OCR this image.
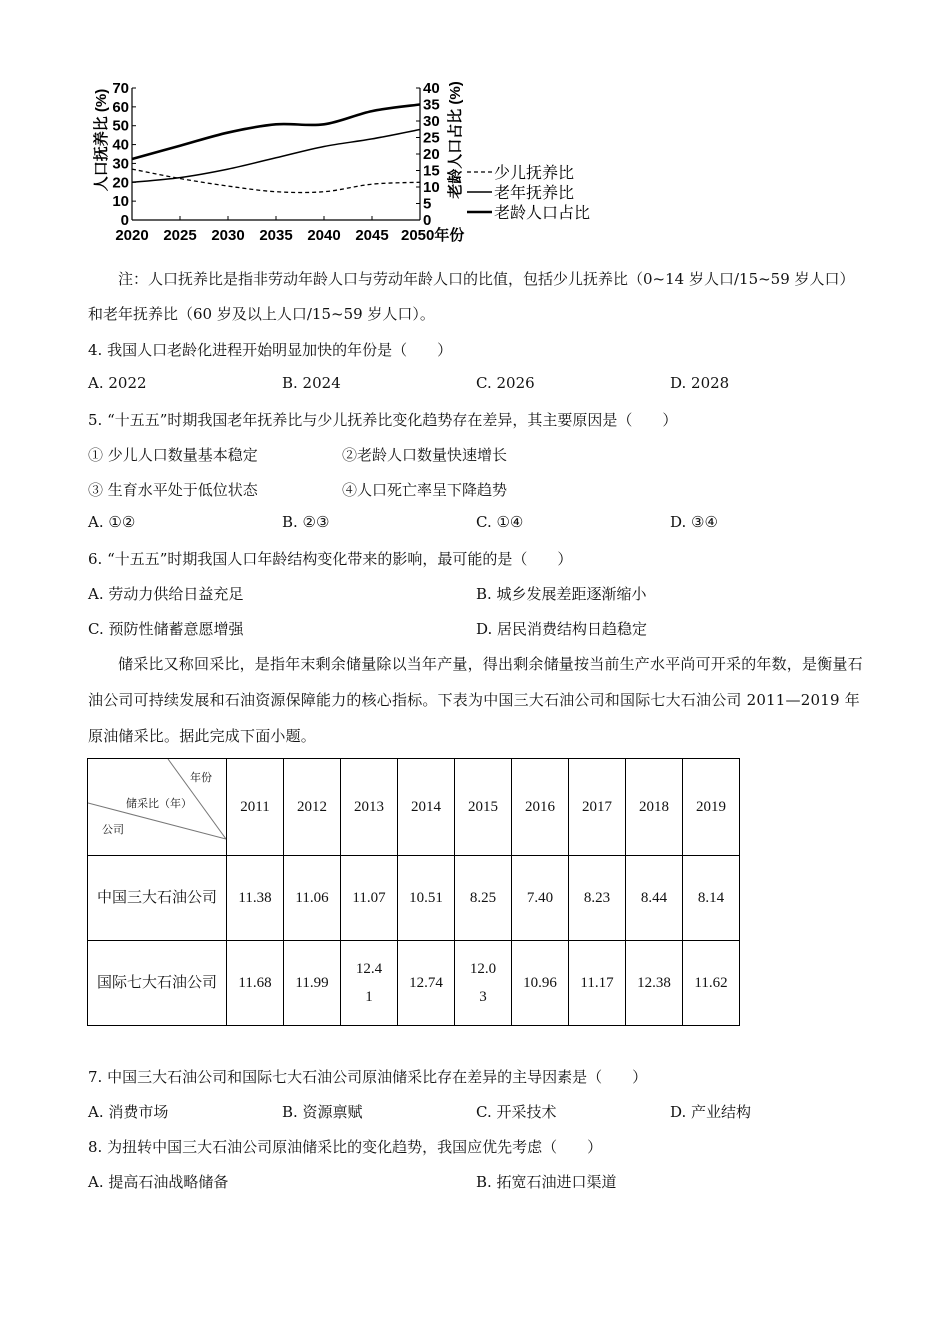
0
10
20
30
40
50
60
70
0
5
10
15
20
25
30
35
40
2020 2025 2030 2035 2040 2045 2050年份
少儿抚养比
老年抚养比
老龄人口占比
人口抚养比 (%)	老龄人口占比 (%)
注：人口抚养比是指非劳动年龄人口与劳动年龄人口的比值，包括少儿抚养比（0~14 岁人口/15~59 岁人口）和老年抚养比（60 岁及以上人口/15~59 岁人口）。
4. 我国人口老龄化进程开始明显加快的年份是（　　）
A. 2022	B. 2024	C. 2026	D. 2028
5. “十五五”时期我国老年抚养比与少儿抚养比变化趋势存在差异，其主要原因是（　　）
① 少儿人口数量基本稳定	②老龄人口数量快速增长
③ 生育水平处于低位状态	④人口死亡率呈下降趋势
A. ①②	B. ②③	C. ①④	D. ③④
6. “十五五”时期我国人口年龄结构变化带来的影响，最可能的是（　　）
A. 劳动力供给日益充足	B. 城乡发展差距逐渐缩小
C. 预防性储蓄意愿增强	D. 居民消费结构日趋稳定
储采比又称回采比，是指年末剩余储量除以当年产量，得出剩余储量按当前生产水平尚可开采的年数，是衡量石油公司可持续发展和石油资源保障能力的核心指标。下表为中国三大石油公司和国际七大石油公司 2011—2019 年原油储采比。据此完成下面小题。
年份
储采比（年）
公司	2011	2012	2013	2014	2015	2016	2017	2018	2019

中国三大石油公司	11.38	11.06	11.07	10.51	8.25	7.40	8.23	8.44	8.14

国际七大石油公司	11.68	11.99	12.41	12.74	12.03	10.96	11.17	12.38	11.62
7. 中国三大石油公司和国际七大石油公司原油储采比存在差异的主导因素是（　　）
A. 消费市场	B. 资源禀赋	C. 开采技术	D. 产业结构
8. 为扭转中国三大石油公司原油储采比的变化趋势，我国应优先考虑（　　）
A. 提高石油战略储备	B. 拓宽石油进口渠道
